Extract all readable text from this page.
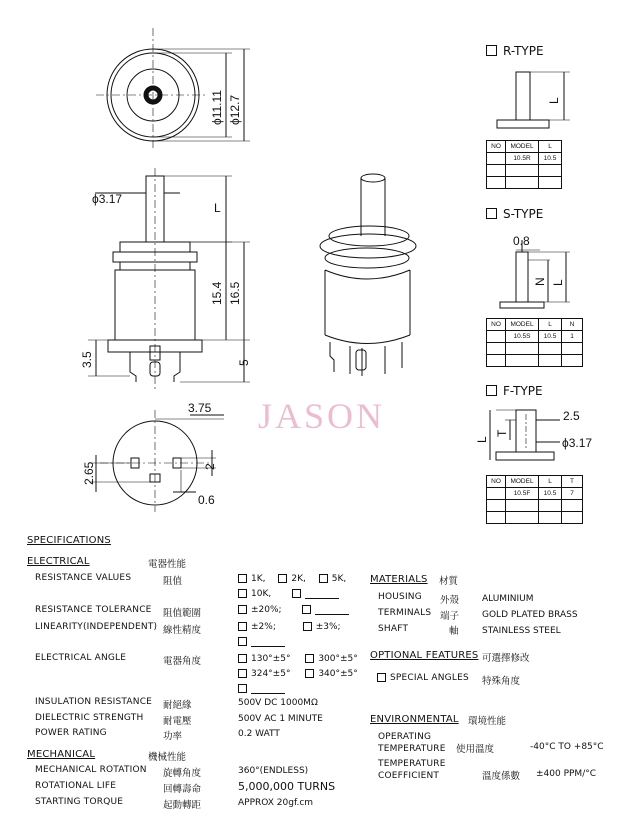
ϕ11.11 ϕ12.7
ϕ3.17
L
15.4 16.5
3.5	5
3.75
2.65	2
0.6
L
0.8
N L
2.5
ϕ3.17
L
T
JASON
R-TYPE
S-TYPE
F-TYPE
NO	MODEL	L
	10.5R	10.5

NO	MODEL	L	N
	10.5S	10.5	1

NO	MODEL	L	T
	10.5F	10.5	7

SPECIFICATIONS
ELECTRICAL	電器性能
RESISTANCE VALUES	阻值	1K,	2K,	5K,
10K,
RESISTANCE TOLERANCE 阻值範圍	±20%;
LINEARITY(INDEPENDENT) 線性精度	±2%;	±3%;
ELECTRICAL ANGLE	電器角度	130°±5°	300°±5°
324°±5°	340°±5°
INSULATION RESISTANCE 耐絕緣	500V DC 1000MΩ
DIELECTRIC STRENGTH 耐電壓	500V AC 1 MINUTE
POWER RATING	功率	0.2 WATT
MECHANICAL	機械性能
MECHANICAL ROTATION 旋轉角度	360°(ENDLESS)
ROTATIONAL LIFE	回轉壽命	5,000,000 TURNS
STARTING TORQUE	起動轉距	APPROX 20gf.cm
MATERIALS 材質
HOUSING 外殼	ALUMINIUM
TERMINALS 端子	GOLD PLATED BRASS
SHAFT	軸	STAINLESS STEEL
OPTIONAL FEATURES 可選擇修改
SPECIAL ANGLES 特殊角度
ENVIRONMENTAL 環境性能
OPERATING
TEMPERATURE 使用溫度	-40°C TO +85°C
TEMPERATURE
COEFFICIENT	溫度係數 ±400 PPM/°C
